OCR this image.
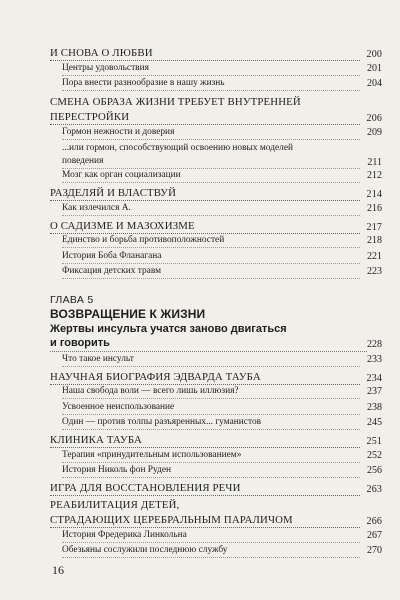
И СНОВА О ЛЮБВИ	200
Центры удовольствия	201
Пора внести разнообразие в нашу жизнь	204
СМЕНА ОБРАЗА ЖИЗНИ ТРЕБУЕТ ВНУТРЕННЕЙ
ПЕРЕСТРОЙКИ	206
Гормон нежности и доверия	209
...или гормон, способствующий освоению новых моделей
поведения	211
Мозг как орган социализации	212
РАЗДЕЛЯЙ И ВЛАСТВУЙ	214
Как излечился А.	216
О САДИЗМЕ И МАЗОХИЗМЕ	217
Единство и борьба противоположностей	218
История Боба Фланагана	221
Фиксация детских травм	223
ГЛАВА 5
ВОЗВРАЩЕНИЕ К ЖИЗНИ
Жертвы инсульта учатся заново двигаться
и говорить	228
Что такое инсульт	233
НАУЧНАЯ БИОГРАФИЯ ЭДВАРДА ТАУБА	234
Наша свобода воли — всего лишь иллюзия?	237
Усвоенное неиспользование	238
Один — против толпы разъяренных... гуманистов	245
КЛИНИКА ТАУБА	251
Терапия «принудительным использованием»	252
История Николь фон Руден	256
ИГРА ДЛЯ ВОССТАНОВЛЕНИЯ РЕЧИ	263
РЕАБИЛИТАЦИЯ ДЕТЕЙ,
СТРАДАЮЩИХ ЦЕРЕБРАЛЬНЫМ ПАРАЛИЧОМ	266
История Фредерика Линкольна	267
Обезьяны сослужили последнюю службу	270
16
